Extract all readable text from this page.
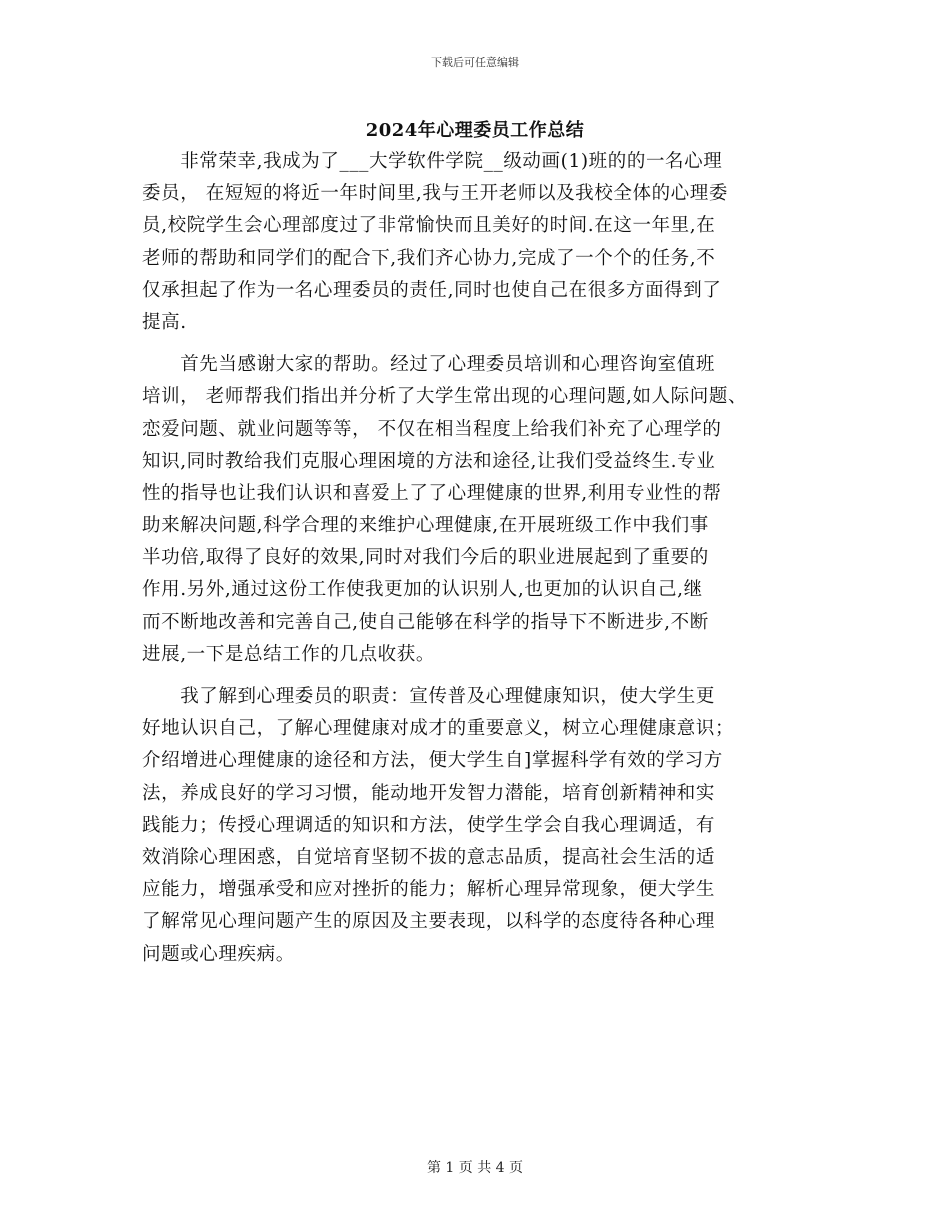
下载后可任意编辑
2024年心理委员工作总结
　　非常荣幸,我成为了___大学软件学院__级动画(1)班的的一名心理
委员， 在短短的将近一年时间里,我与王开老师以及我校全体的心理委
员,校院学生会心理部度过了非常愉快而且美好的时间.在这一年里,在
老师的帮助和同学们的配合下,我们齐心协力,完成了一个个的任务,不
仅承担起了作为一名心理委员的责任,同时也使自己在很多方面得到了
提高.
　　首先当感谢大家的帮助。经过了心理委员培训和心理咨询室值班
培训， 老师帮我们指出并分析了大学生常出现的心理问题,如人际问题、
恋爱问题、就业问题等等， 不仅在相当程度上给我们补充了心理学的
知识,同时教给我们克服心理困境的方法和途径,让我们受益终生.专业
性的指导也让我们认识和喜爱上了了心理健康的世界,利用专业性的帮
助来解决问题,科学合理的来维护心理健康,在开展班级工作中我们事
半功倍,取得了良好的效果,同时对我们今后的职业进展起到了重要的
作用.另外,通过这份工作使我更加的认识别人,也更加的认识自己,继
而不断地改善和完善自己,使自己能够在科学的指导下不断进步,不断
进展,一下是总结工作的几点收获。
　　我了解到心理委员的职责：宣传普及心理健康知识，使大学生更
好地认识自己，了解心理健康对成才的重要意义，树立心理健康意识；
介绍增进心理健康的途径和方法，便大学生自]掌握科学有效的学习方
法，养成良好的学习习惯，能动地开发智力潜能，培育创新精神和实
践能力；传授心理调适的知识和方法，使学生学会自我心理调适，有
效消除心理困惑，自觉培育坚韧不拔的意志品质，提高社会生活的适
应能力，增强承受和应对挫折的能力；解析心理异常现象，便大学生
了解常见心理问题产生的原因及主要表现，以科学的态度待各种心理
问题或心理疾病。
第 1 页 共 4 页
